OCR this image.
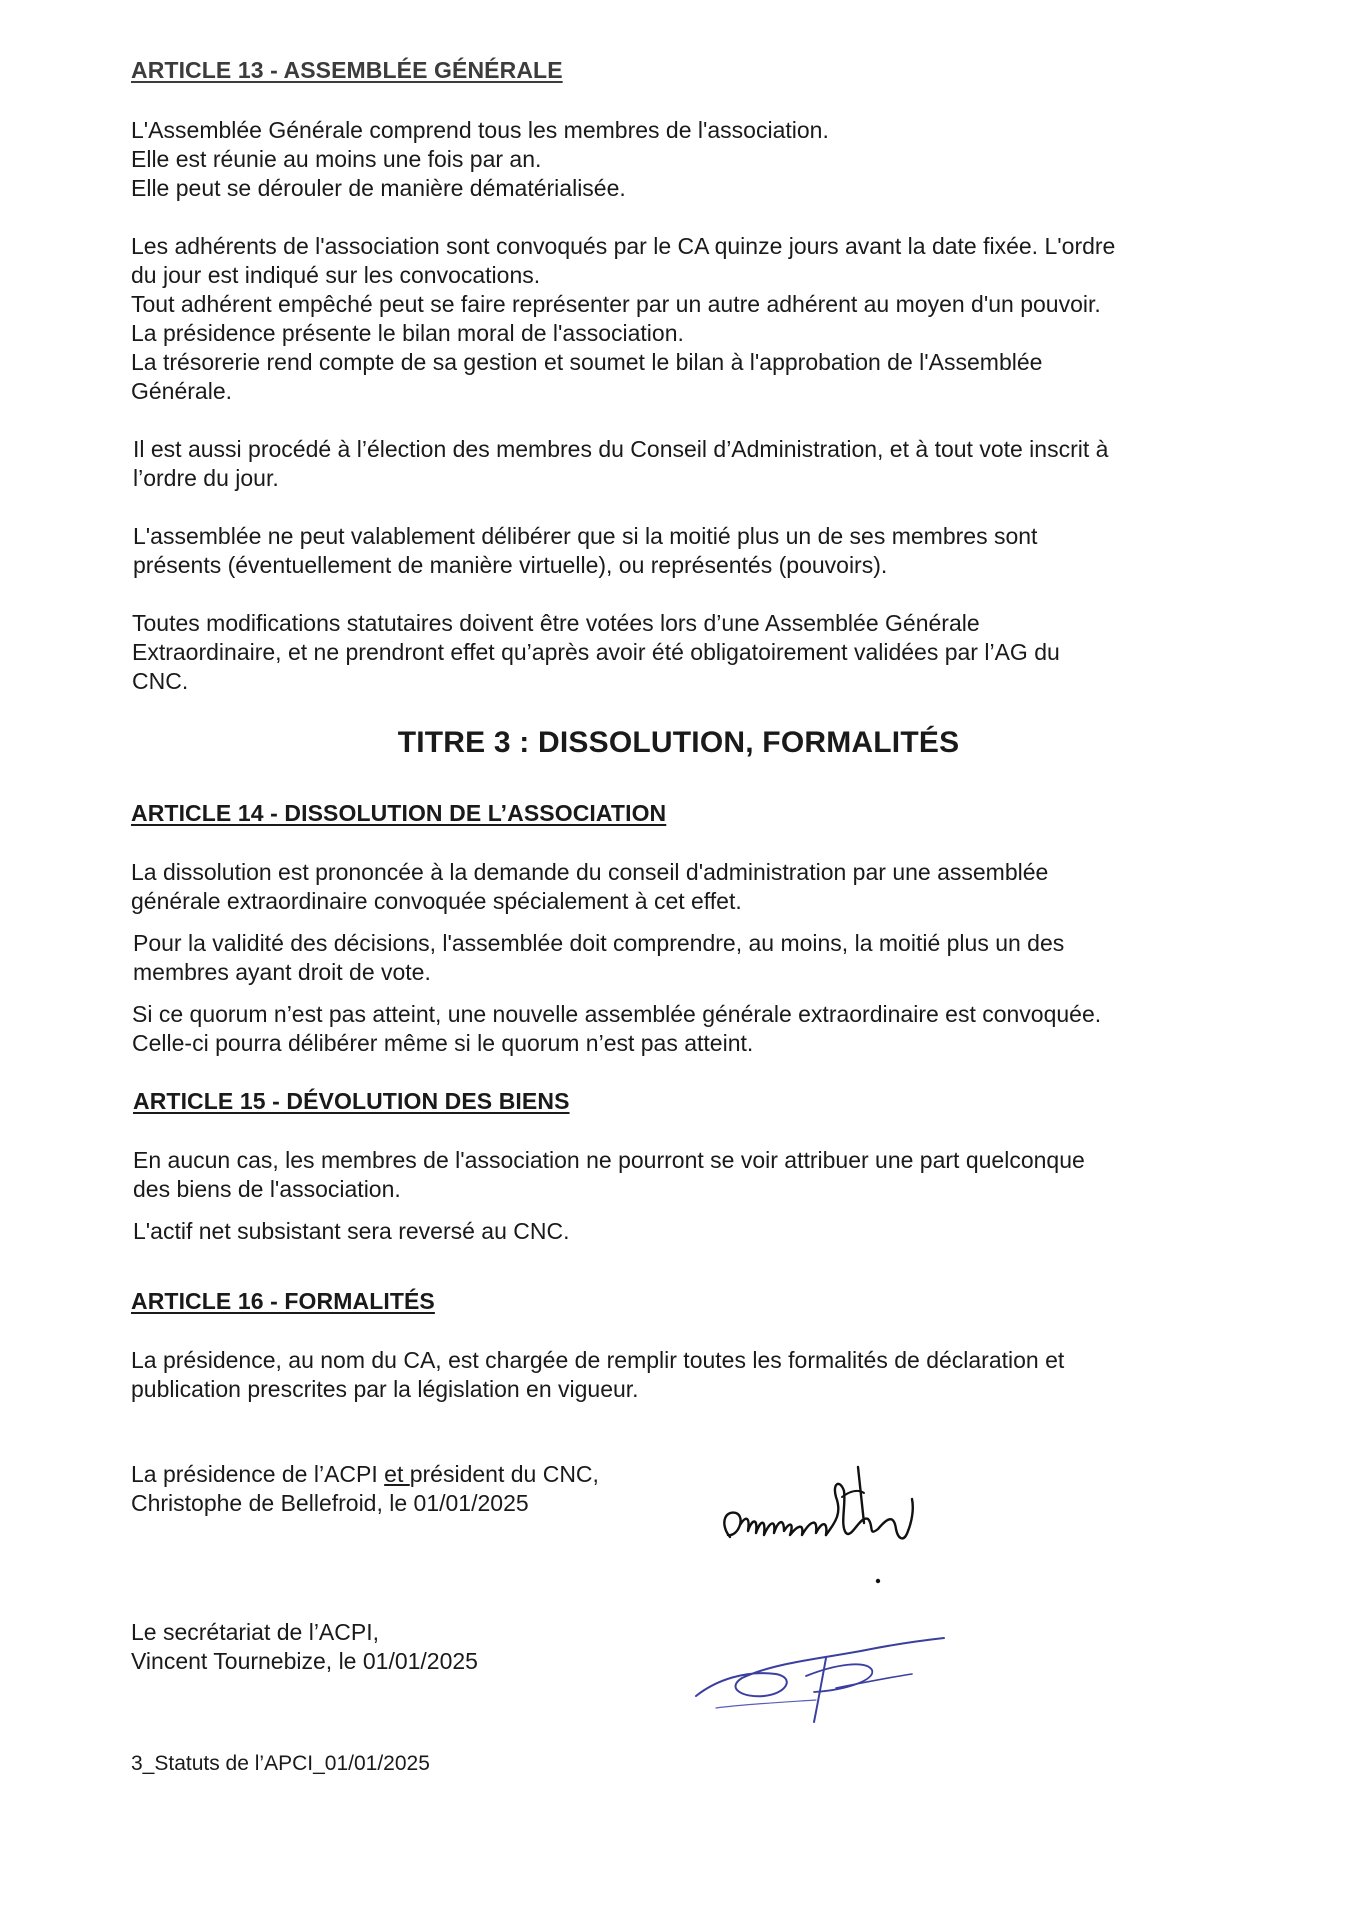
ARTICLE 13 - ASSEMBLÉE GÉNÉRALE
L'Assemblée Générale comprend tous les membres de l'association.
Elle est réunie au moins une fois par an.
Elle peut se dérouler de manière dématérialisée.
Les adhérents de l'association sont convoqués par le CA quinze jours avant la date fixée. L'ordre
du jour est indiqué sur les convocations.
Tout adhérent empêché peut se faire représenter par un autre adhérent au moyen d'un pouvoir.
La présidence présente le bilan moral de l'association.
La trésorerie rend compte de sa gestion et soumet le bilan à l'approbation de l'Assemblée
Générale.
Il est aussi procédé à l’élection des membres du Conseil d’Administration, et à tout vote inscrit à
l’ordre du jour.
L'assemblée ne peut valablement délibérer que si la moitié plus un de ses membres sont
présents (éventuellement de manière virtuelle), ou représentés (pouvoirs).
Toutes modifications statutaires doivent être votées lors d’une Assemblée Générale
Extraordinaire, et ne prendront effet qu’après avoir été obligatoirement validées par l’AG du
CNC.
TITRE 3 : DISSOLUTION, FORMALITÉS
ARTICLE 14 - DISSOLUTION DE L’ASSOCIATION
La dissolution est prononcée à la demande du conseil d'administration par une assemblée
générale extraordinaire convoquée spécialement à cet effet.
Pour la validité des décisions, l'assemblée doit comprendre, au moins, la moitié plus un des
membres ayant droit de vote.
Si ce quorum n’est pas atteint, une nouvelle assemblée générale extraordinaire est convoquée.
Celle-ci pourra délibérer même si le quorum n’est pas atteint.
ARTICLE 15 - DÉVOLUTION DES BIENS
En aucun cas, les membres de l'association ne pourront se voir attribuer une part quelconque
des biens de l'association.
L'actif net subsistant sera reversé au CNC.
ARTICLE 16 - FORMALITÉS
La présidence, au nom du CA, est chargée de remplir toutes les formalités de déclaration et
publication prescrites par la législation en vigueur.
La présidence de l’ACPI et président du CNC,
Christophe de Bellefroid, le 01/01/2025
Le secrétariat de l’ACPI,
Vincent Tournebize, le 01/01/2025
3_Statuts de l’APCI_01/01/2025
